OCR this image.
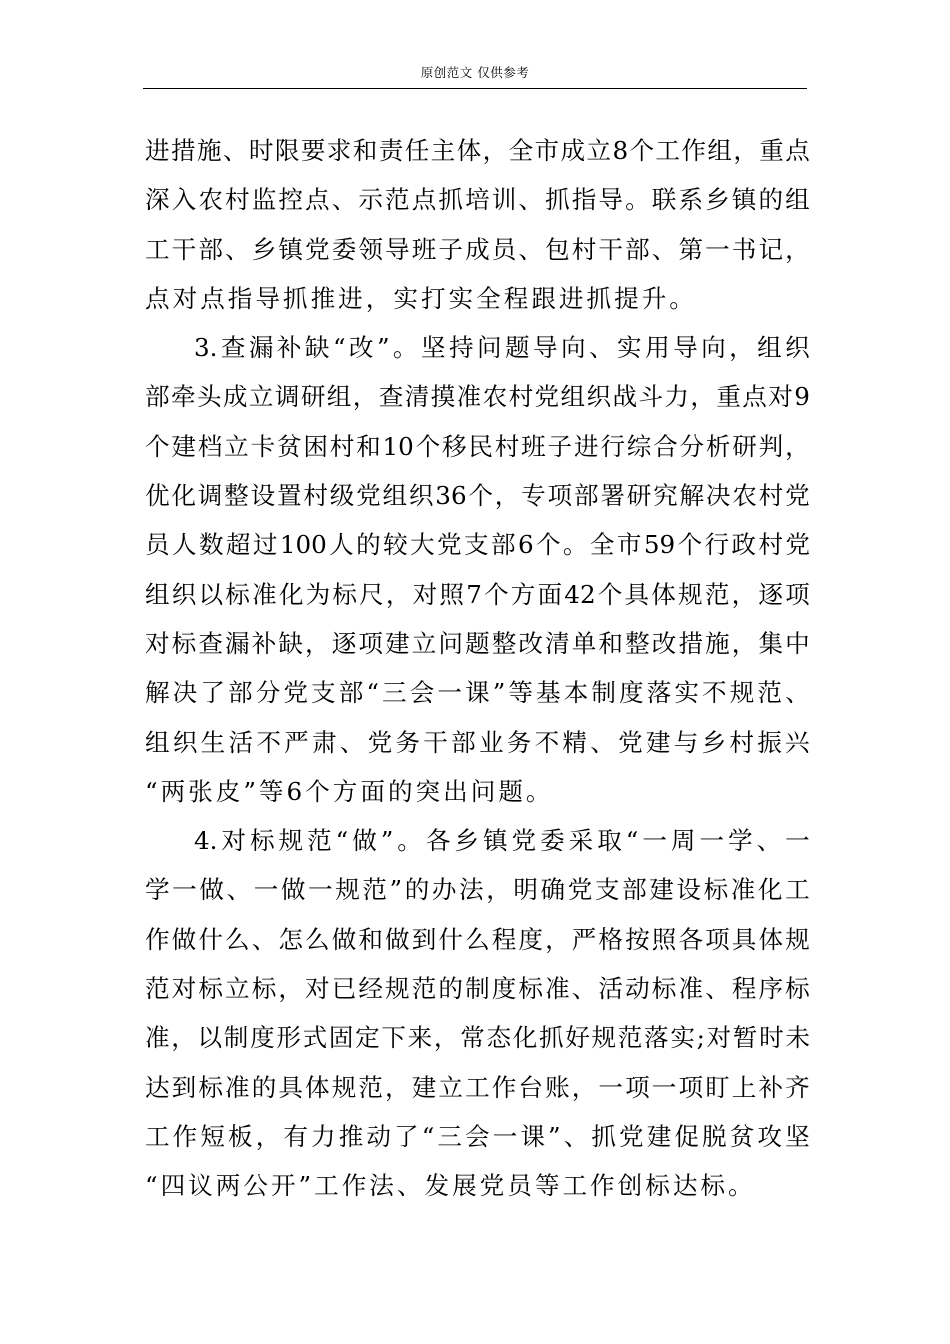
原创范文 仅供参考
进 措 施 、 时 限 要 求 和 责 任 主 体 ， 全 市 成 立 8 个 工 作 组 ， 重 点
深 入 农 村 监 控 点 、 示 范 点 抓 培 训 、 抓 指 导 。 联 系 乡 镇 的 组
工 干 部 、 乡 镇 党 委 领 导 班 子 成 员 、 包 村 干 部 、 第 一 书 记 ，
点对点指导抓推进，实打实全程跟进抓提升。
3. 查 漏 补 缺 “ 改 ” 。 坚 持 问 题 导 向 、 实 用 导 向 ， 组 织
部 牵 头 成 立 调 研 组 ， 查 清 摸 准 农 村 党 组 织 战 斗 力 ， 重 点 对 9
个 建 档 立 卡 贫 困 村 和 10 个 移 民 村 班 子 进 行 综 合 分 析 研 判 ，
优 化 调 整 设 置 村 级 党 组 织 36 个 ， 专 项 部 署 研 究 解 决 农 村 党
员 人 数 超 过 100 人 的 较 大 党 支 部 6 个 。 全 市 59 个 行 政 村 党
组 织 以 标 准 化 为 标 尺 ， 对 照 7 个 方 面 42 个 具 体 规 范 ， 逐 项
对 标 查 漏 补 缺 ， 逐 项 建 立 问 题 整 改 清 单 和 整 改 措 施 ， 集 中
解 决 了 部 分 党 支 部 “ 三 会 一 课 ” 等 基 本 制 度 落 实 不 规 范 、
组 织 生 活 不 严 肃 、 党 务 干 部 业 务 不 精 、 党 建 与 乡 村 振 兴
“两张皮”等6个方面的突出问题。
4. 对 标 规 范 “ 做 ” 。 各 乡 镇 党 委 采 取 “ 一 周 一 学 、 一
学 一 做 、 一 做 一 规 范 ” 的 办 法 ， 明 确 党 支 部 建 设 标 准 化 工
作 做 什 么 、 怎 么 做 和 做 到 什 么 程 度 ， 严 格 按 照 各 项 具 体 规
范 对 标 立 标 ， 对 已 经 规 范 的 制 度 标 准 、 活 动 标 准 、 程 序 标
准 ， 以 制 度 形 式 固 定 下 来 ， 常 态 化 抓 好 规 范 落 实 ; 对 暂 时 未
达 到 标 准 的 具 体 规 范 ， 建 立 工 作 台 账 ， 一 项 一 项 盯 上 补 齐
工 作 短 板 ， 有 力 推 动 了 “ 三 会 一 课 ” 、 抓 党 建 促 脱 贫 攻 坚
“四议两公开”工作法、发展党员等工作创标达标。
